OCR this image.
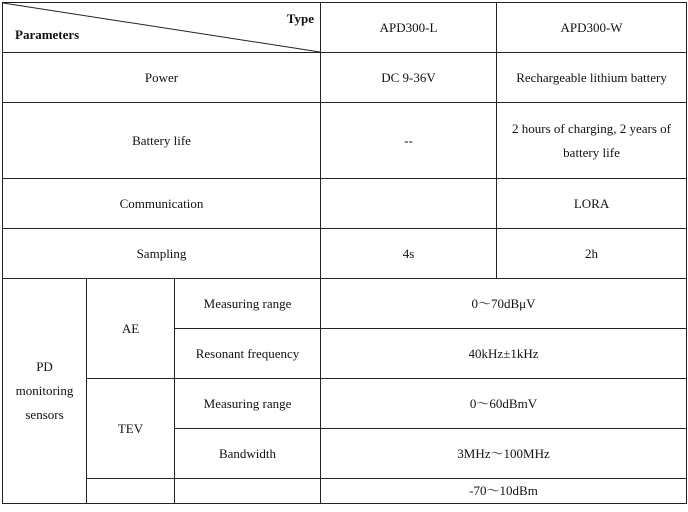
Type
Parameters			APD300-L	APD300-W

Power			DC 9-36V	Rechargeable lithium battery

Battery life			--	2 hours of charging, 2 years of
battery life

Communication				LORA

Sampling			4s	2h

PD
monitoring
sensors	AE	Measuring range	0～70dBμV	

		Resonant frequency	40kHz±1kHz	

	TEV	Measuring range	0～60dBmV	

		Bandwidth	3MHz～100MHz	

		-70～10dBm	
